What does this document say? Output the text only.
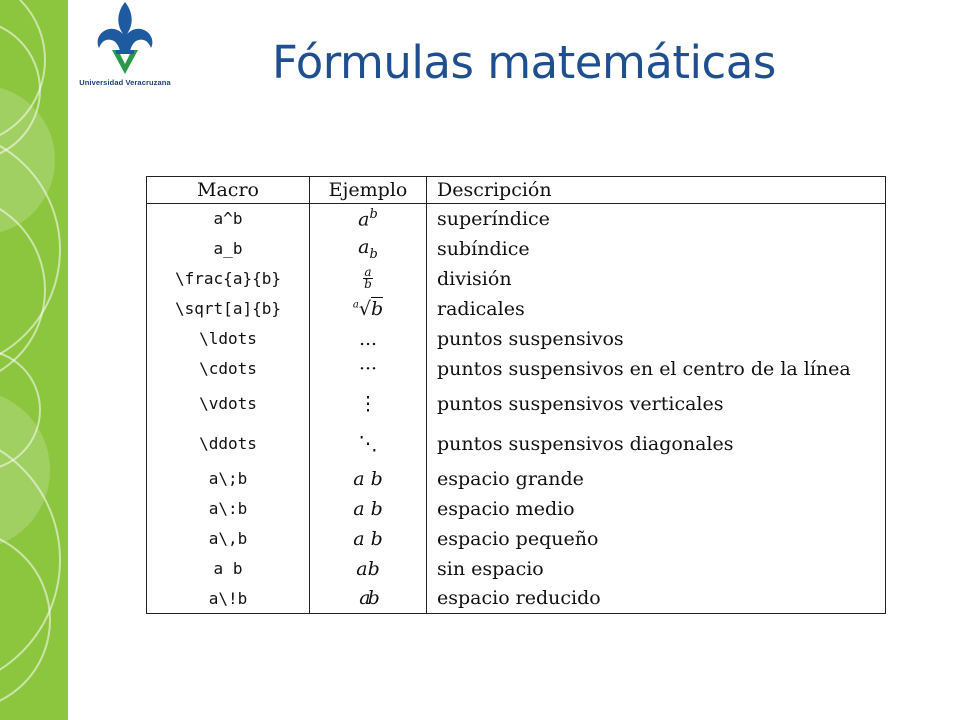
Universidad Veracruzana Fórmulas matemáticas
Macro	Ejemplo	Descripción
a^b	$a^b$	superíndice
a_b	$a_b$	subíndice
\frac{a}{b}	$\frac{a}{b}$	división
\sqrt[a]{b}	$^a$√b	radicales
\ldots	...	puntos suspensivos
\cdots	···	puntos suspensivos en el centro de la línea
\vdots	⋮	puntos suspensivos verticales
\ddots	⋱	puntos suspensivos diagonales
a\;b	a b	espacio grande
a\:b	a b	espacio medio
a\,b	a b	espacio pequeño
a b	ab	sin espacio
a\!b	ab	espacio reducido
